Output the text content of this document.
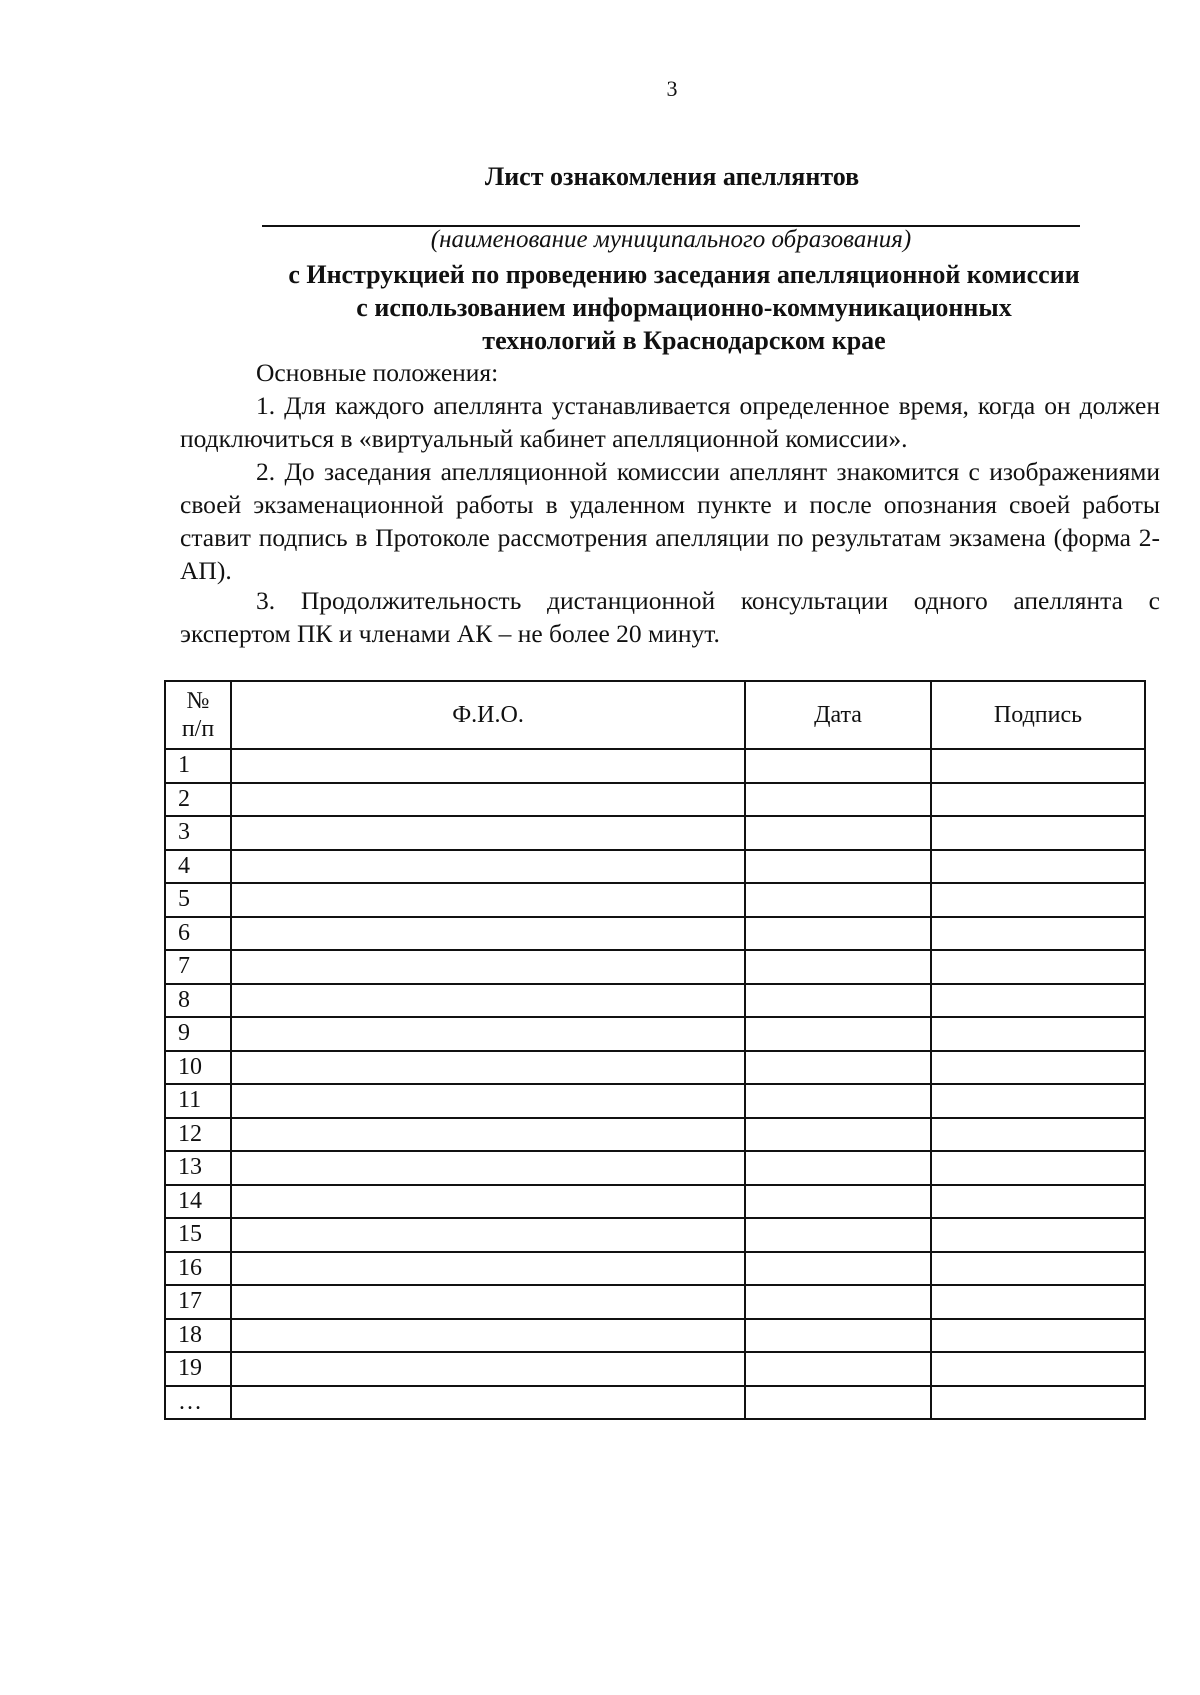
3
Лист ознакомления апеллянтов
(наименование муниципального образования)
с Инструкцией по проведению заседания апелляционной комиссии
с использованием информационно-коммуникационных
технологий в Краснодарском крае
Основные положения:
1. Для каждого апеллянта устанавливается определенное время, когда он должен подключиться в «виртуальный кабинет апелляционной комиссии».
2. До заседания апелляционной комиссии апеллянт знакомится с изображениями своей экзаменационной работы в удаленном пункте и после опознания своей работы ставит подпись в Протоколе рассмотрения апелляции по результатам экзамена (форма 2-АП).
3. Продолжительность дистанционной консультации одного апеллянта с экспертом ПК и членами АК – не более 20 минут.
№
п/п	Ф.И.О.	Дата	Подпись
1			
2			
3			
4			
5			
6			
7			
8			
9			
10			
11			
12			
13			
14			
15			
16			
17			
18			
19			
…			
